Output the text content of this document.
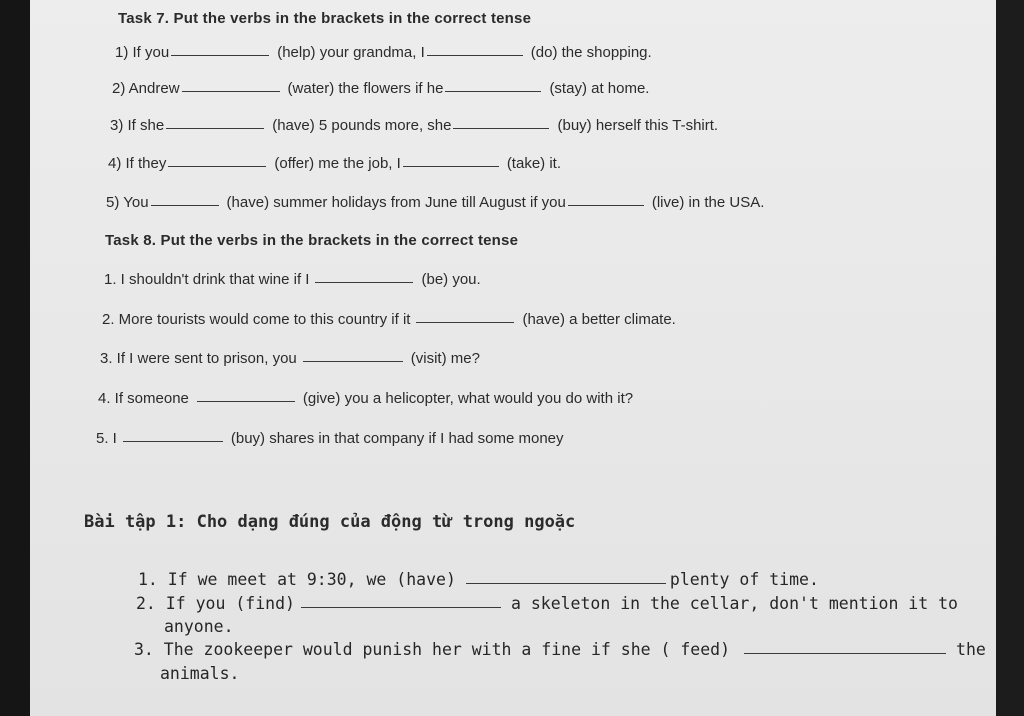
Task 7. Put the verbs in the brackets in the correct tense
1) If you	(help) your grandma, I	(do) the shopping.
2) Andrew	(water) the flowers if he	(stay) at home.
3) If she	(have) 5 pounds more, she	(buy) herself this T-shirt.
4) If they	(offer) me the job, I	(take) it.
5) You	(have) summer holidays from June till August if you	(live) in the USA.
Task 8. Put the verbs in the brackets in the correct tense
1. I shouldn't drink that wine if I	(be) you.
2. More tourists would come to this country if it	(have) a better climate.
3. If I were sent to prison, you	(visit) me?
4. If someone	(give) you a helicopter, what would you do with it?
5. I	(buy) shares in that company if I had some money
Bài tập 1: Cho dạng đúng của động từ trong ngoặc
1. If we meet at 9:30, we (have)	plenty of time.
2. If you (find)	a skeleton in the cellar, don't mention it to
anyone.
3. The zookeeper would punish her with a fine if she ( feed)	the
animals.
